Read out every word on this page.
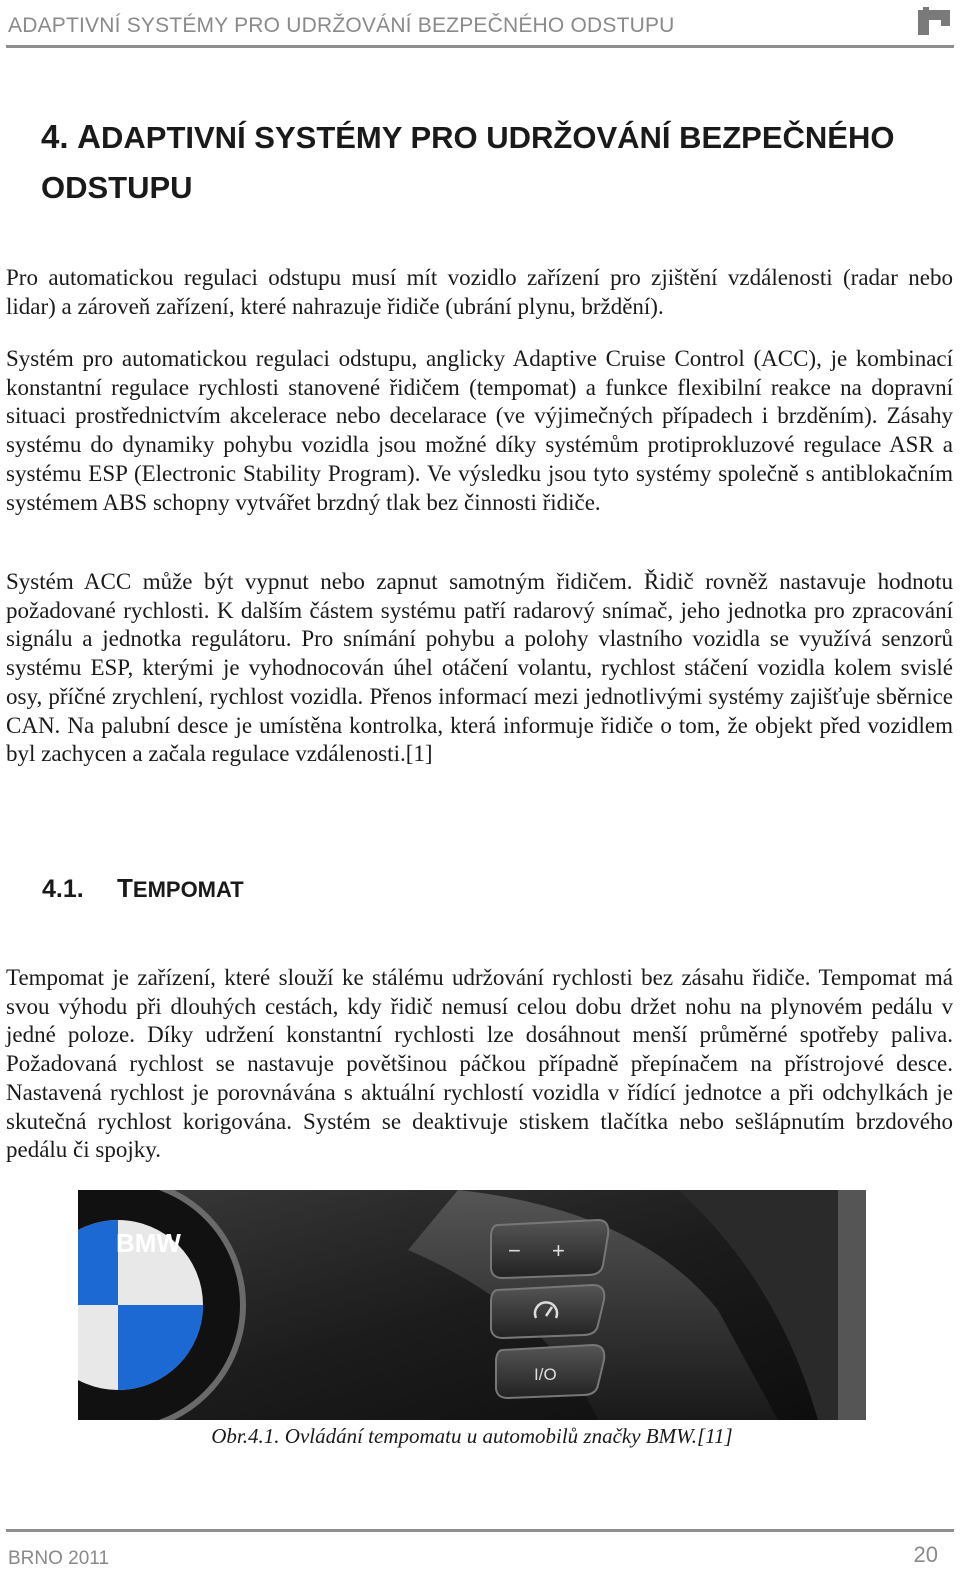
ADAPTIVNÍ SYSTÉMY PRO UDRŽOVÁNÍ BEZPEČNÉHO ODSTUPU
4. ADAPTIVNÍ SYSTÉMY PRO UDRŽOVÁNÍ BEZPEČNÉHO
ODSTUPU

Pro automatickou regulaci odstupu musí mít vozidlo zařízení pro zjištění vzdálenosti (radar nebo lidar) a zároveň zařízení, které nahrazuje řidiče (ubrání plynu, brždění).

Systém pro automatickou regulaci odstupu, anglicky Adaptive Cruise Control (ACC), je kombinací konstantní regulace rychlosti stanovené řidičem (tempomat) a funkce flexibilní reakce na dopravní situaci prostřednictvím akcelerace nebo decelarace (ve výjimečných případech i brzděním). Zásahy systému do dynamiky pohybu vozidla jsou možné díky systémům protiprokluzové regulace ASR a systému ESP (Electronic Stability Program). Ve výsledku jsou tyto systémy společně s antiblokačním systémem ABS schopny vytvářet brzdný tlak bez činnosti řidiče.

Systém ACC může být vypnut nebo zapnut samotným řidičem. Řidič rovněž nastavuje hodnotu požadované rychlosti. K dalším částem systému patří radarový snímač, jeho jednotka pro zpracování signálu a jednotka regulátoru. Pro snímání pohybu a polohy vlastního vozidla se využívá senzorů systému ESP, kterými je vyhodnocován úhel otáčení volantu, rychlost stáčení vozidla kolem svislé osy, příčné zrychlení, rychlost vozidla. Přenos informací mezi jednotlivými systémy zajišťuje sběrnice CAN. Na palubní desce je umístěna kontrolka, která informuje řidiče o tom, že objekt před vozidlem byl zachycen a začala regulace vzdálenosti.[1]

4.1. TEMPOMAT

Tempomat je zařízení, které slouží ke stálému udržování rychlosti bez zásahu řidiče. Tempomat má svou výhodu při dlouhých cestách, kdy řidič nemusí celou dobu držet nohu na plynovém pedálu v jedné poloze. Díky udržení konstantní rychlosti lze dosáhnout menší průměrné spotřeby paliva. Požadovaná rychlost se nastavuje povětšinou páčkou případně přepínačem na přístrojové desce. Nastavená rychlost je porovnávána s aktuální rychlostí vozidla v řídící jednotce a při odchylkách je skutečná rychlost korigována. Systém se deaktivuje stiskem tlačítka nebo sešlápnutím brzdového pedálu či spojky.

BMW	− +
I/O
Obr.4.1. Ovládání tempomatu u automobilů značky BMW.[11]
BRNO 2011	20
